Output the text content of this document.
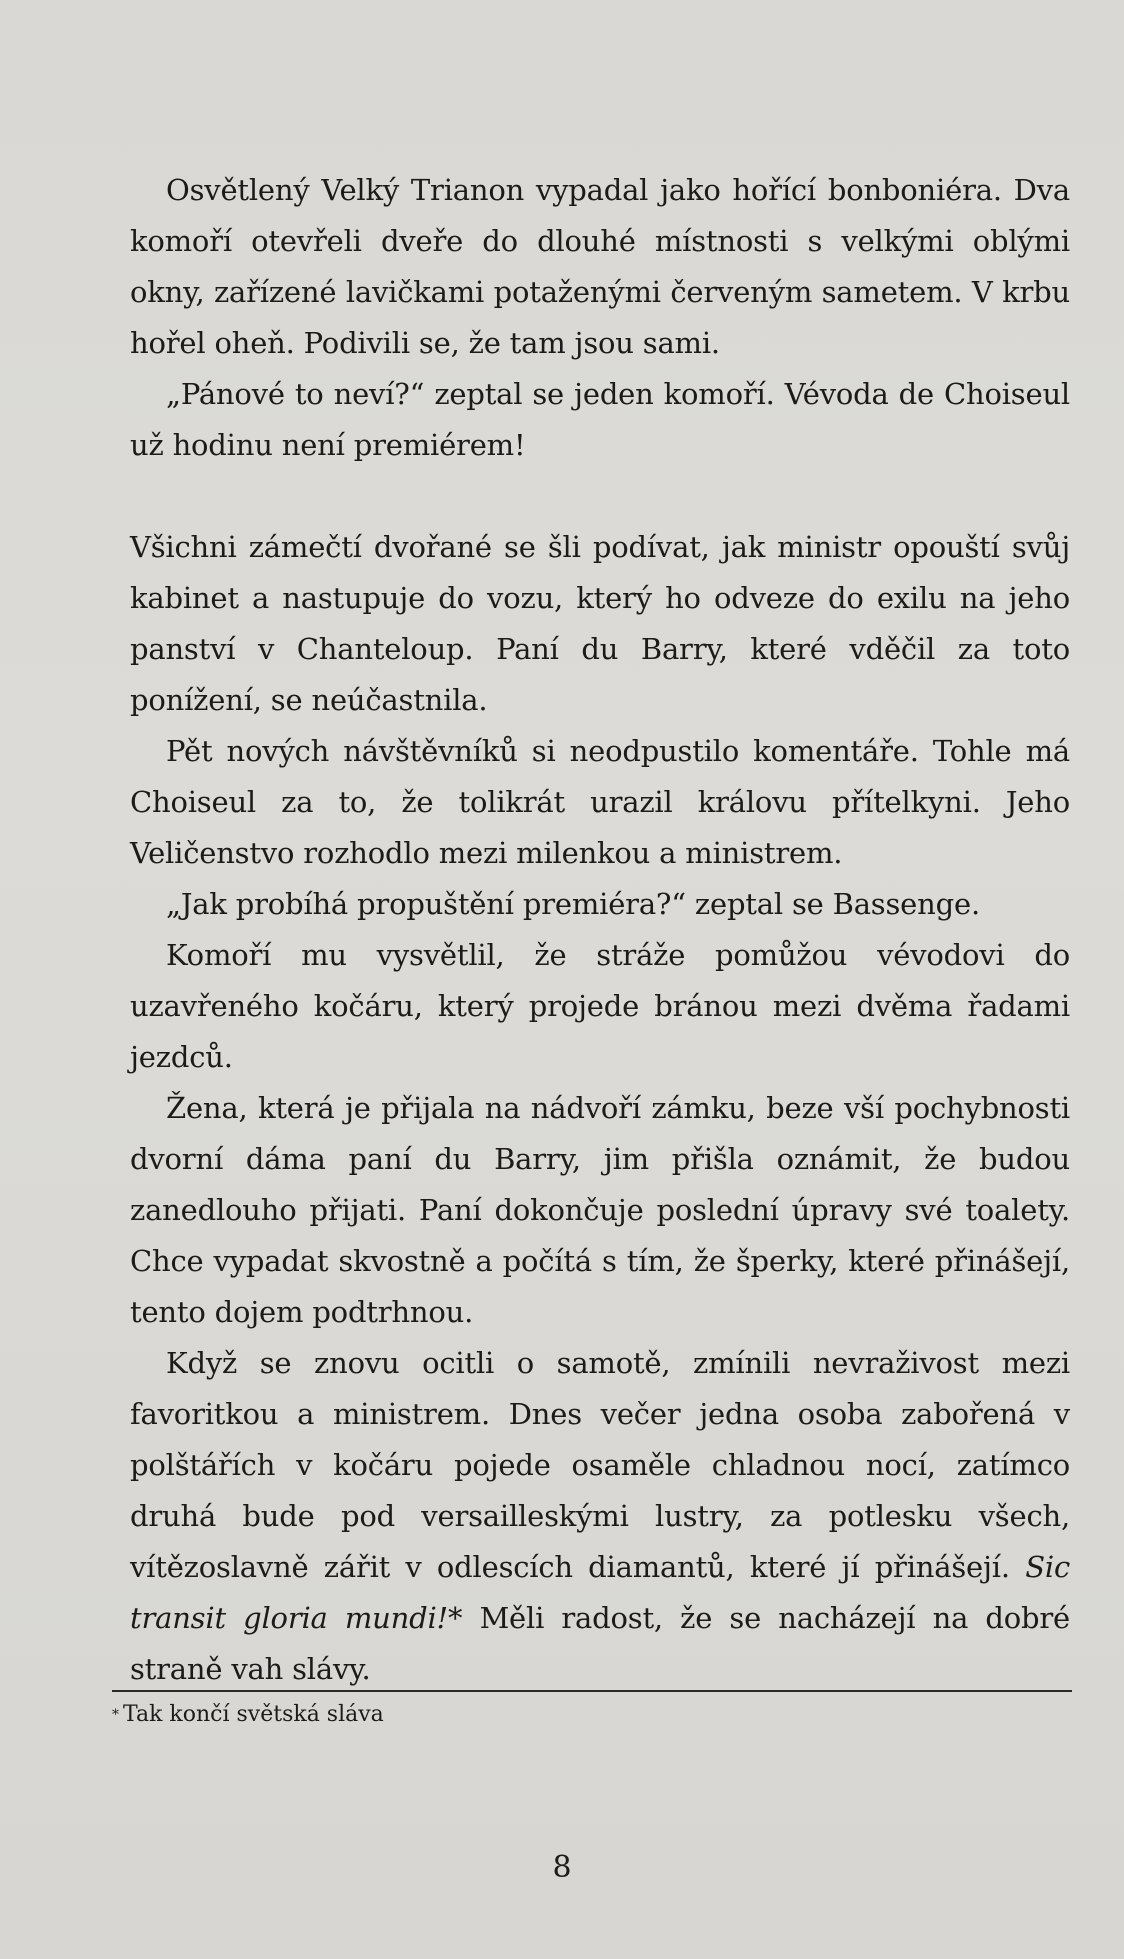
Osvětlený Velký Trianon vypadal jako hořící bonboniéra. Dva komoří otevřeli dveře do dlouhé místnosti s velkými oblými okny, zařízené lavičkami potaženými červeným sametem. V krbu hořel oheň. Podivili se, že tam jsou sami.

„Pánové to neví?“ zeptal se jeden komoří. Vévoda de Choiseul už hodinu není premiérem!

Všichni zámečtí dvořané se šli podívat, jak ministr opouští svůj kabinet a nastupuje do vozu, který ho odveze do exilu na jeho panství v Chanteloup. Paní du Barry, které vděčil za toto ponížení, se neúčastnila.

Pět nových návštěvníků si neodpustilo komentáře. Tohle má Choiseul za to, že tolikrát urazil královu přítelkyni. Jeho Veličenstvo rozhodlo mezi milenkou a ministrem.

„Jak probíhá propuštění premiéra?“ zeptal se Bassenge.

Komoří mu vysvětlil, že stráže pomůžou vévodovi do uzavřeného kočáru, který projede bránou mezi dvěma řadami jezdců.

Žena, která je přijala na nádvoří zámku, beze vší pochybnosti dvorní dáma paní du Barry, jim přišla oznámit, že budou zanedlouho přijati. Paní dokončuje poslední úpravy své toalety. Chce vypadat skvostně a počítá s tím, že šperky, které přinášejí, tento dojem podtrhnou.

Když se znovu ocitli o samotě, zmínili nevraživost mezi favoritkou a ministrem. Dnes večer jedna osoba zabořená v polštářích v kočáru pojede osaměle chladnou nocí, zatímco druhá bude pod versailleskými lustry, za potlesku všech, vítězoslavně zářit v odlescích diamantů, které jí přinášejí. Sic transit gloria mundi!* Měli radost, že se nacházejí na dobré straně vah slávy.

* Tak končí světská sláva
8
